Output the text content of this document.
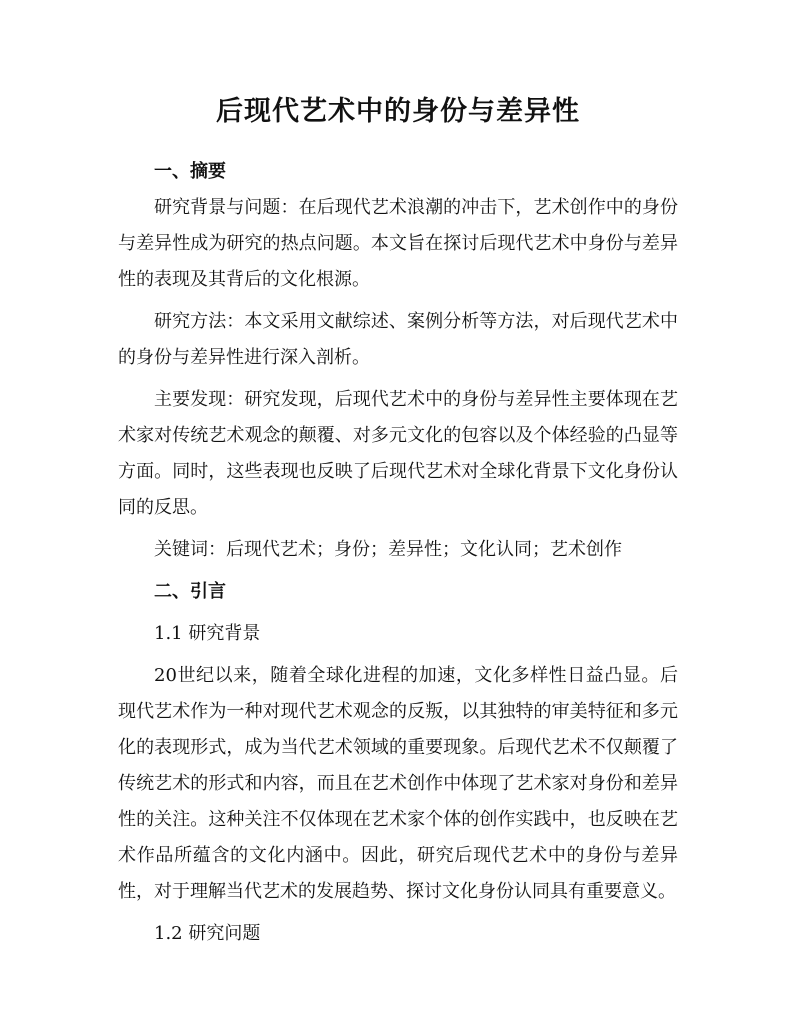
后现代艺术中的身份与差异性
一、摘要

研究背景与问题：在后现代艺术浪潮的冲击下，艺术创作中的身份与差异性成为研究的热点问题。本文旨在探讨后现代艺术中身份与差异性的表现及其背后的文化根源。

研究方法：本文采用文献综述、案例分析等方法，对后现代艺术中的身份与差异性进行深入剖析。

主要发现：研究发现，后现代艺术中的身份与差异性主要体现在艺术家对传统艺术观念的颠覆、对多元文化的包容以及个体经验的凸显等方面。同时，这些表现也反映了后现代艺术对全球化背景下文化身份认同的反思。

关键词：后现代艺术；身份；差异性；文化认同；艺术创作

二、引言

1.1 研究背景

20世纪以来，随着全球化进程的加速，文化多样性日益凸显。后现代艺术作为一种对现代艺术观念的反叛，以其独特的审美特征和多元化的表现形式，成为当代艺术领域的重要现象。后现代艺术不仅颠覆了传统艺术的形式和内容，而且在艺术创作中体现了艺术家对身份和差异性的关注。这种关注不仅体现在艺术家个体的创作实践中，也反映在艺术作品所蕴含的文化内涵中。因此，研究后现代艺术中的身份与差异性，对于理解当代艺术的发展趋势、探讨文化身份认同具有重要意义。

1.2 研究问题
